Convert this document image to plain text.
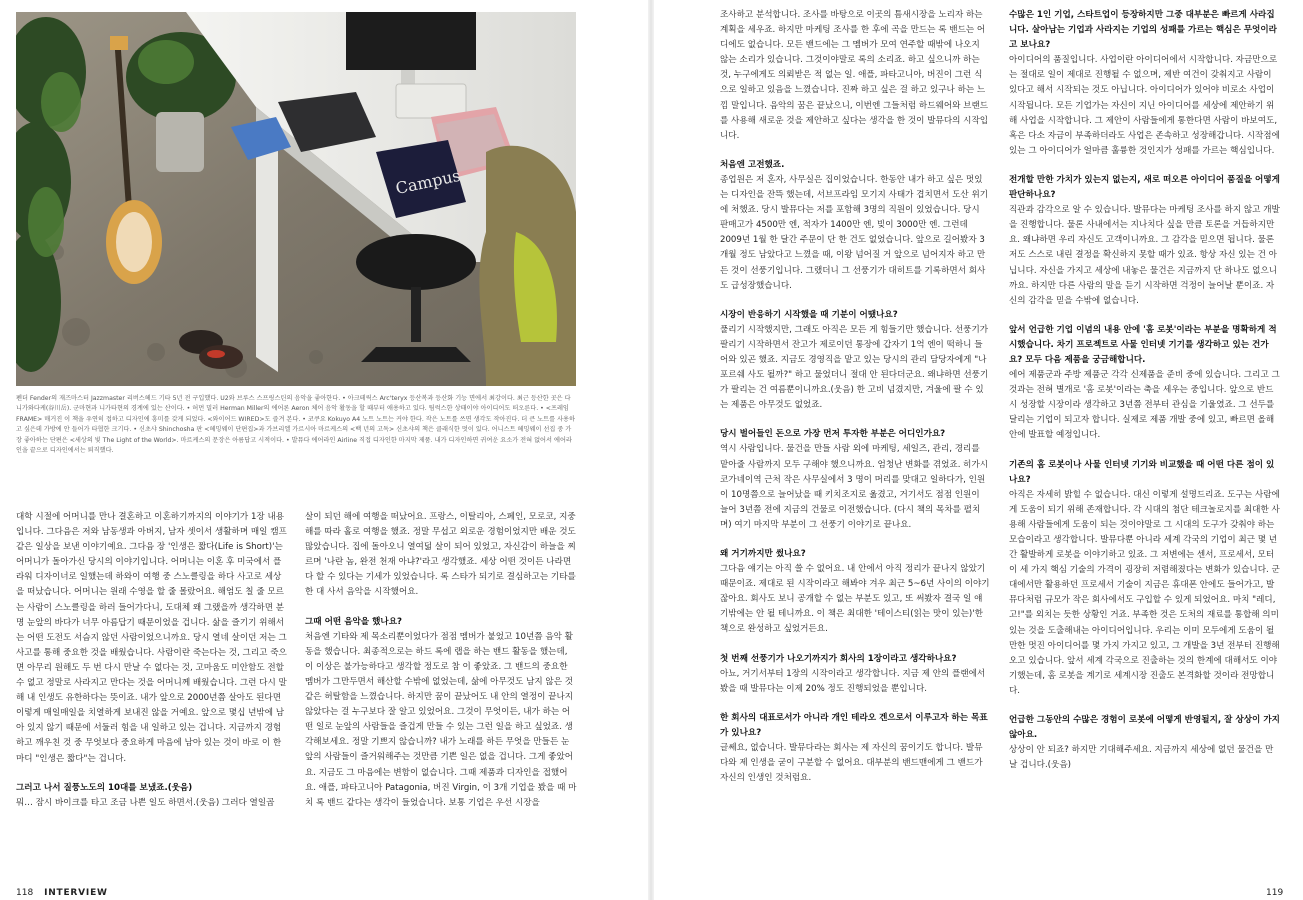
Campus

펜더 Fender의 재즈마스터 Jazzmaster 리버스헤드 기타 5년 전 구입했다. U2와 브루스 스프링스틴의 음악을 좋아한다. • 아크테릭스 Arc'teryx 등산복과 등산화 기능 면에서 최강이다. 최근 등산한 곳은 다니가와다케(谷川岳). 군마현과 니가타현의 경계에 있는 산이다. • 허먼 밀러 Herman Miller의 에어론 Aeron 체어 음악 활동을 할 때부터 애용하고 있다. 팀럭스한 상태이야 아이디어도 떠오른다. • <프레임 FRAME> 매거진 이 책을 우연히 접하고 디자인에 흥미를 갖게 되었다. <와이어드 WIRED>도 즐겨 본다. • 코쿠요 Kokuyo A4 노트 노트는 커야 한다. 작은 노트를 쓰면 생각도 작아진다. 더 큰 노트를 사용하고 싶은데 가방에 안 들어가 타협한 크기다. • 신초샤 Shinchosha 판 <헤밍웨이 단편집>과 가브리엘 가르시아 마르케스의 <백 년의 고독> 신초샤의 책은 클래식한 멋이 있다. 어니스트 헤밍웨이 선집 중 가장 좋아하는 단편은 <세상의 빛 The Light of the World>. 마르케스의 문장은 아름답고 시적이다. • 발뮤다 에어라인 Airline 직접 디자인한 마지막 제품. 내가 디자인하면 귀여운 요소가 전혀 없어서 에어라인을 끝으로 디자인에서는 퇴직했다.

대학 시절에 어머니를 만나 결혼하고 이혼하기까지의 이야기가 1장 내용입니다. 그다음은 저와 남동생과 아버지, 남자 셋이서 생활하며 매일 캠프 같은 일상을 보낸 이야기예요. 그다음 장 '인생은 짧다(Life is Short)'는 어머니가 돌아가신 당시의 이야기입니다. 어머니는 이혼 후 미국에서 플라워 디자이너로 일했는데 하와이 여행 중 스노클링을 하다 사고로 세상을 떠났습니다. 어머니는 원래 수영을 할 줄 몰랐어요. 해엄도 칠 줄 모르는 사람이 스노클링을 하러 들어가다니, 도대체 왜 그랬을까 생각하면 분명 눈앞의 바다가 너무 아름답기 때문이었을 겁니다. 삶을 즐기기 위해서는 어떤 도전도 서슴지 않던 사람이었으니까요. 당시 열네 살이던 저는 그 사고를 통해 중요한 것을 배웠습니다. 사람이란 죽는다는 것, 그리고 죽으면 아무리 원해도 두 번 다시 만날 수 없다는 것, 고마움도 미안함도 전할 수 없고 정말로 사라지고 만다는 것을 어머니께 배웠습니다. 그런 다시 말해 내 인생도 유한하다는 뜻이죠. 내가 앞으로 2000년쯤 살아도 된다면 이렇게 매일매일을 치열하게 보내진 않을 거예요. 앞으로 몇십 년밖에 남아 있지 않기 때문에 서둘러 힘을 내 일하고 있는 겁니다. 지금까지 경험하고 깨우친 것 중 무엇보다 중요하게 마음에 남아 있는 것이 바로 이 한마디 "인생은 짧다"는 겁니다.

그러고 나서 질풍노도의 10대를 보냈죠.(웃음)

뭐… 잠시 바이크를 타고 조금 나쁜 일도 하면서.(웃음) 그러다 열일곱

살이 되던 해에 여행을 떠났어요. 프랑스, 이탈리아, 스페인, 모로코, 지중해를 따라 홀로 여행을 했죠. 정말 무섭고 외로운 경험이었지만 배운 것도 많았습니다. 집에 돌아오니 열여덟 살이 되어 있었고, 자신감이 하늘을 찌르며 '나란 놈, 완전 천재 아냐?'라고 생각했죠. 세상 어떤 것이든 나라면 다 할 수 있다는 기세가 있었습니다. 록 스타가 되기로 결심하고는 기타를 한 대 사서 음악을 시작했어요.

그때 어떤 음악을 했나요?

처음엔 기타와 제 목소리뿐이었다가 점점 멤버가 붙었고 10년쯤 음악 활동을 했습니다. 최종적으로는 하드 록에 랩을 하는 밴드 활동을 했는데, 이 이상은 불가능하다고 생각할 정도로 참 이 좋았죠. 그 밴드의 중요한 멤버가 그만두면서 해산할 수밖에 없었는데, 삶에 아무것도 남지 않은 것 같은 허탈함을 느꼈습니다. 하지만 꿈이 끝났어도 내 안의 열정이 끝나지 않았다는 걸 누구보다 잘 알고 있었어요. 그것이 무엇이든, 내가 하는 어떤 일로 눈앞의 사람들을 즐겁게 만들 수 있는 그런 일을 하고 싶었죠. 생각해보세요. 정말 기쁘지 않습니까? 내가 노래를 하든 무엇을 만들든 눈앞의 사람들이 즐거워해주는 것만큼 기쁜 일은 없을 겁니다. 그게 좋았어요. 지금도 그 마음에는 변함이 없습니다. 그때 제품과 디자인을 접했어요. 애플, 파타고니아 Patagonia, 버진 Virgin, 이 3개 기업을 봤을 때 마치 록 밴드 같다는 생각이 들었습니다. 보통 기업은 우선 시장을

118 INTERVIEW

조사하고 분석합니다. 조사를 바탕으로 이곳의 틈새시장을 노리자 하는 계획을 세우죠. 하지만 마케팅 조사를 한 후에 곡을 만드는 록 밴드는 어디에도 없습니다. 모든 밴드에는 그 멤버가 모여 연주할 때밖에 나오지 않는 소리가 있습니다. 그것이야말로 록의 소리죠. 하고 싶으니까 하는 것, 누구에게도 의뢰받은 적 없는 일. 애플, 파타고니아, 버진이 그런 식으로 일하고 있음을 느꼈습니다. 진짜 하고 싶은 걸 하고 있구나 하는 느낌 말입니다. 음악의 꿈은 끝났으니, 이번엔 그들처럼 하드웨어와 브랜드를 사용해 새로운 것을 제안하고 싶다는 생각을 한 것이 발뮤다의 시작입니다.

처음엔 고전했죠.

종업원은 저 혼자, 사무실은 집이었습니다. 한동안 내가 하고 싶은 멋있는 디자인을 잔뜩 했는데, 서브프라임 모기지 사태가 겹치면서 도산 위기에 처했죠. 당시 발뮤다는 저를 포함해 3명의 직원이 있었습니다. 당시 판매고가 4500만 엔, 적자가 1400만 엔, 빚이 3000만 엔. 그런데 2009년 1월 한 달간 주문이 단 한 건도 없었습니다. 앞으로 길어봤자 3개월 정도 남았다고 느꼈을 때, 이왕 넘어질 거 앞으로 넘어지자 하고 만든 것이 선풍기입니다. 그랬더니 그 선풍기가 대히트를 기록하면서 회사도 급성장했습니다.

시장이 반응하기 시작했을 때 기분이 어땠나요?

풀리기 시작했지만, 그래도 아직은 모든 게 힘들기만 했습니다. 선풍기가 팔리기 시작하면서 잔고가 제로이던 통장에 갑자기 1억 엔이 떡하니 들어와 있곤 했죠. 지금도 경영직을 맡고 있는 당시의 관리 담당자에게 "나 포르쉐 사도 될까?" 하고 물었더니 절대 안 된다더군요. 왜냐하면 선풍기가 팔리는 건 여름뿐이니까요.(웃음) 한 고비 넘겼지만, 겨울에 팔 수 있는 제품은 아무것도 없었죠.

당시 벌어들인 돈으로 가장 먼저 투자한 부분은 어디인가요?

역시 사람입니다. 물건을 만들 사람 외에 마케팅, 세일즈, 관리, 경리를 맡아줄 사람까지 모두 구해야 했으니까요. 엄청난 변화를 겪었죠. 히가시코가네이역 근처 작은 사무실에서 3 명이 머리를 맞대고 일하다가, 인원이 10명쯤으로 늘어났을 때 키치조지로 옮겼고, 거기서도 점점 인원이 늘어 3년쯤 전에 지금의 건물로 이전했습니다. (다시 책의 목차를 펼치며) 여기 마지막 부분이 그 선풍기 이야기로 끝나요.

왜 거기까지만 썼나요?

그다음 얘기는 아직 쓸 수 없어요. 내 안에서 아직 정리가 끝나지 않았기 때문이죠. 제대로 된 시작이라고 해봐야 겨우 최근 5~6년 사이의 이야기잖아요. 회사도 보니 공개할 수 없는 부분도 있고, 또 써봤자 결국 일 얘기밖에는 안 될 테니까요. 이 책은 최대한 '테이스티(읽는 맛이 있는)'한 책으로 완성하고 싶었거든요.

첫 번째 선풍기가 나오기까지가 회사의 1장이라고 생각하나요?

아뇨, 거기서부터 1장의 시작이라고 생각합니다. 지금 제 안의 플랜에서 봤을 때 발뮤다는 이제 20% 정도 진행되었을 뿐입니다.

한 회사의 대표로서가 아니라 개인 테라오 겐으로서 이루고자 하는 목표가 있나요?

글쎄요, 없습니다. 발뮤다라는 회사는 제 자신의 꿈이기도 합니다. 발뮤다와 제 인생을 굳이 구분할 수 없어요. 대부분의 밴드맨에게 그 밴드가 자신의 인생인 것처럼요.

수많은 1인 기업, 스타트업이 등장하지만 그중 대부분은 빠르게 사라집니다. 살아남는 기업과 사라지는 기업의 성패를 가르는 핵심은 무엇이라고 보나요?

아이디어의 품질입니다. 사업이란 아이디어에서 시작합니다. 자금만으로는 절대로 일이 제대로 진행될 수 없으며, 제반 여건이 갖춰지고 사람이 있다고 해서 시작되는 것도 아닙니다. 아이디어가 있어야 비로소 사업이 시작됩니다. 모든 기업가는 자신이 지닌 아이디어를 세상에 제안하기 위해 사업을 시작합니다. 그 제안이 사람들에게 통한다면 사람이 바보여도, 혹은 다소 자금이 부족하더라도 사업은 존속하고 성장해갑니다. 시작점에 있는 그 아이디어가 얼마큼 훌륭한 것인지가 성패를 가르는 핵심입니다.

전개할 만한 가치가 있는지 없는지, 새로 떠오른 아이디어 품질을 어떻게 판단하나요?

직관과 감각으로 알 수 있습니다. 발뮤다는 마케팅 조사를 하지 않고 개발을 진행합니다. 물론 사내에서는 지나치다 싶을 만큼 토론을 거듭하지만요. 왜냐하면 우리 자신도 고객이니까요. 그 감각을 믿으면 됩니다. 물론 저도 스스로 내린 결정을 확신하지 못할 때가 있죠. 항상 자신 있는 건 아닙니다. 자신을 가지고 세상에 내놓은 물건은 지금까지 단 하나도 없으니까요. 하지만 다른 사람의 말을 듣기 시작하면 걱정이 늘어날 뿐이죠. 자신의 감각을 믿을 수밖에 없습니다.

앞서 언급한 기업 이념의 내용 안에 '홈 로봇'이라는 부분을 명확하게 적시했습니다. 차기 프로젝트로 사물 인터넷 기기를 생각하고 있는 건가요? 모두 다음 제품을 궁금해합니다.

에어 제품군과 주방 제품군 각각 신제품을 준비 중에 있습니다. 그리고 그것과는 전혀 별개로 '홈 로봇'이라는 축을 세우는 중입니다. 앞으로 반드시 성장할 시장이라 생각하고 3년쯤 전부터 관심을 기울였죠. 그 선두를 달리는 기업이 되고자 합니다. 실제로 제품 개발 중에 있고, 빠르면 올해 안에 발표할 예정입니다.

기존의 홈 로봇이나 사물 인터넷 기기와 비교했을 때 어떤 다른 점이 있나요?

아직은 자세히 밝힐 수 없습니다. 대신 이렇게 설명드리죠. 도구는 사람에게 도움이 되기 위해 존재합니다. 각 시대의 첨단 테크놀로지를 최대한 사용해 사람들에게 도움이 되는 것이야말로 그 시대의 도구가 갖춰야 하는 모습이라고 생각합니다. 발뮤다뿐 아니라 세계 각국의 기업이 최근 몇 년간 활발하게 로봇을 이야기하고 있죠. 그 저변에는 센서, 프로세서, 모터 이 세 가지 핵심 기술의 가격이 굉장히 저렴해졌다는 변화가 있습니다. 군대에서만 활용하던 프로세서 기술이 지금은 휴대폰 안에도 들어가고, 발뮤다처럼 규모가 작은 회사에서도 구입할 수 있게 되었어요. 마치 "레디, 고!"를 외치는 듯한 상황인 거죠. 부족한 것은 도처의 재료를 통합해 의미 있는 것을 도출해내는 아이디어입니다. 우리는 이미 모두에게 도움이 될 만한 멋진 아이디어를 몇 가지 가지고 있고, 그 개발을 3년 전부터 진행해오고 있습니다. 앞서 세계 각국으로 진출하는 것의 한계에 대해서도 이야기했는데, 홈 로봇을 계기로 세계시장 진출도 본격화할 것이라 전망합니다.

언급한 그동안의 수많은 경험이 로봇에 어떻게 반영될지, 잘 상상이 가지 않아요.

상상이 안 되죠? 하지만 기대해주세요. 지금까지 세상에 없던 물건을 만날 겁니다.(웃음)

119
